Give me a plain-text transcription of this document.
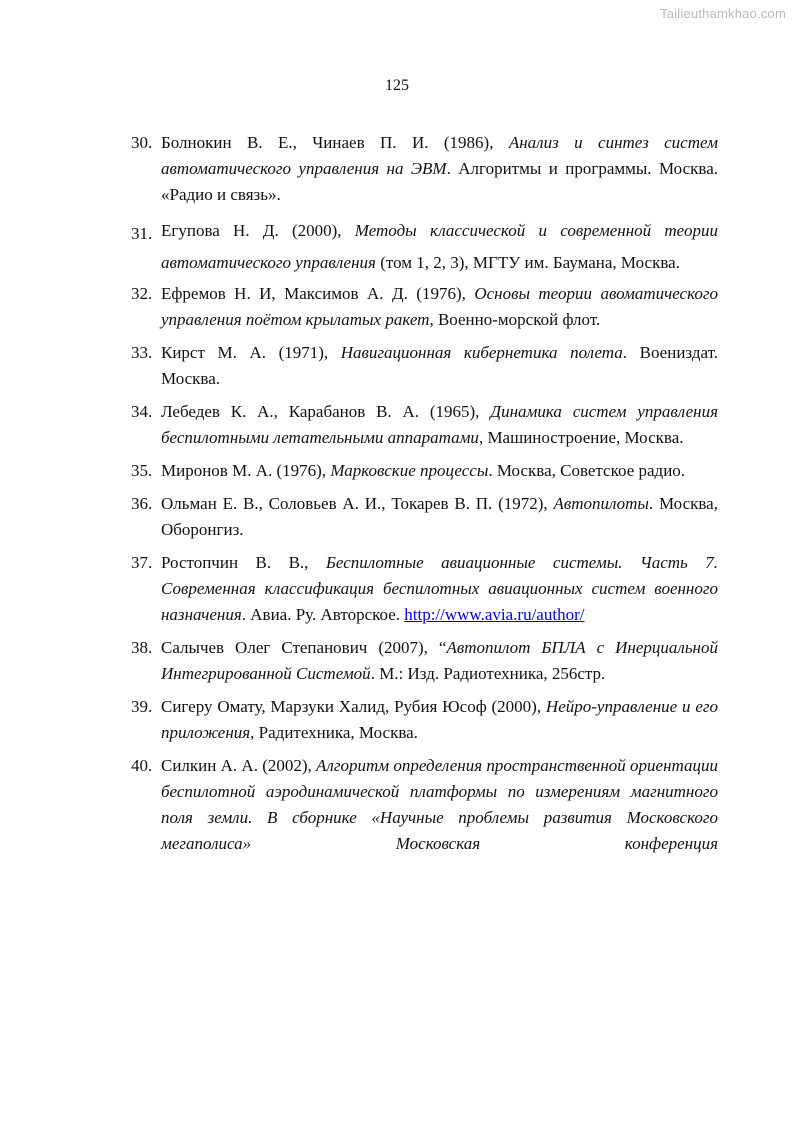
Tailieuthamkhao.com
125
30. Болнокин В. Е., Чинаев П. И. (1986), Анализ и синтез систем автоматического управления на ЭВМ. Алгоритмы и программы. Москва. «Радио и связь».
31. Егупова Н. Д. (2000), Методы классической и современной теории автоматического управления (том 1, 2, 3), МГТУ им. Баумана, Москва.
32. Ефремов Н. И, Максимов А. Д. (1976), Основы теории авоматического управления поётом крылатых ракет, Военно-морской флот.
33. Кирст М. А. (1971), Навигационная кибернетика полета. Воениздат. Москва.
34. Лебедев К. А., Карабанов В. А. (1965), Динамика систем управления беспилотными летательными аппаратами, Машиностроение, Москва.
35. Миронов М. А. (1976), Марковские процессы. Москва, Советское радио.
36. Ольман Е. В., Соловьев А. И., Токарев В. П. (1972), Автопилоты. Москва, Оборонгиз.
37. Ростопчин В. В., Беспилотные авиационные системы. Часть 7. Современная классификация беспилотных авиационных систем военного назначения. Авиа. Ру. Авторское. http://www.avia.ru/author/
38. Салычев Олег Степанович (2007), “Автопилот БПЛА с Инерциальной Интегрированной Системой. М.: Изд. Радиотехника, 256стр.
39. Сигеру Омату, Марзуки Халид, Рубия Юсоф (2000), Нейро-управление и его приложения, Радитехника, Москва.
40. Силкин А. А. (2002), Алгоритм определения пространственной ориентации беспилотной аэродинамической платформы по измерениям магнитного поля земли. В сборнике «Научные проблемы развития Московского мегаполиса» Московская конференция
